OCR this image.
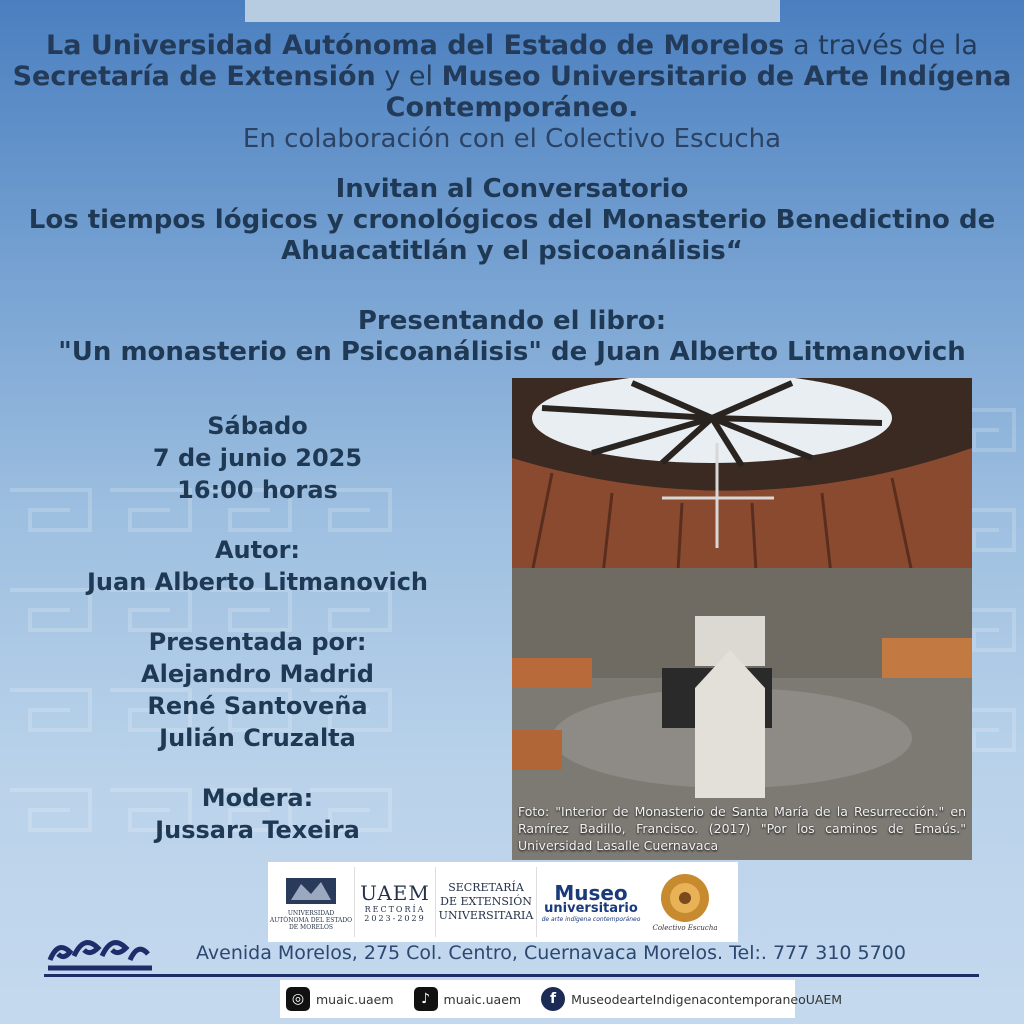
La Universidad Autónoma del Estado de Morelos a través de la
Secretaría de Extensión y el Museo Universitario de Arte Indígena
Contemporáneo.
En colaboración con el Colectivo Escucha
Invitan al Conversatorio
Los tiempos lógicos y cronológicos del Monasterio Benedictino de
Ahuacatitlán y el psicoanálisis“
Presentando el libro:
"Un monasterio en Psicoanálisis" de Juan Alberto Litmanovich
Sábado
7 de junio 2025
16:00 horas
Autor:
Juan Alberto Litmanovich
Presentada por:
Alejandro Madrid
René Santoveña
Julián Cruzalta
Modera:
Jussara Texeira
Foto: "Interior de Monasterio de Santa María de la Resurrección." en Ramírez Badillo, Francisco. (2017) "Por los caminos de Emaús." Universidad Lasalle Cuernavaca
UNIVERSIDAD AUTÓNOMA DEL ESTADO DE MORELOS
UAEM
RECTORÍA
2023-2029
SECRETARÍA
DE EXTENSIÓN
UNIVERSITARIA
Museo
universitario
de arte indígena contemporáneo
Colectivo Escucha
Avenida Morelos, 275 Col. Centro, Cuernavaca Morelos. Tel:. 777 310 5700
◎ muaic.uaem	♪	muaic.uaem	f	MuseodearteIndigenacontemporaneoUAEM
